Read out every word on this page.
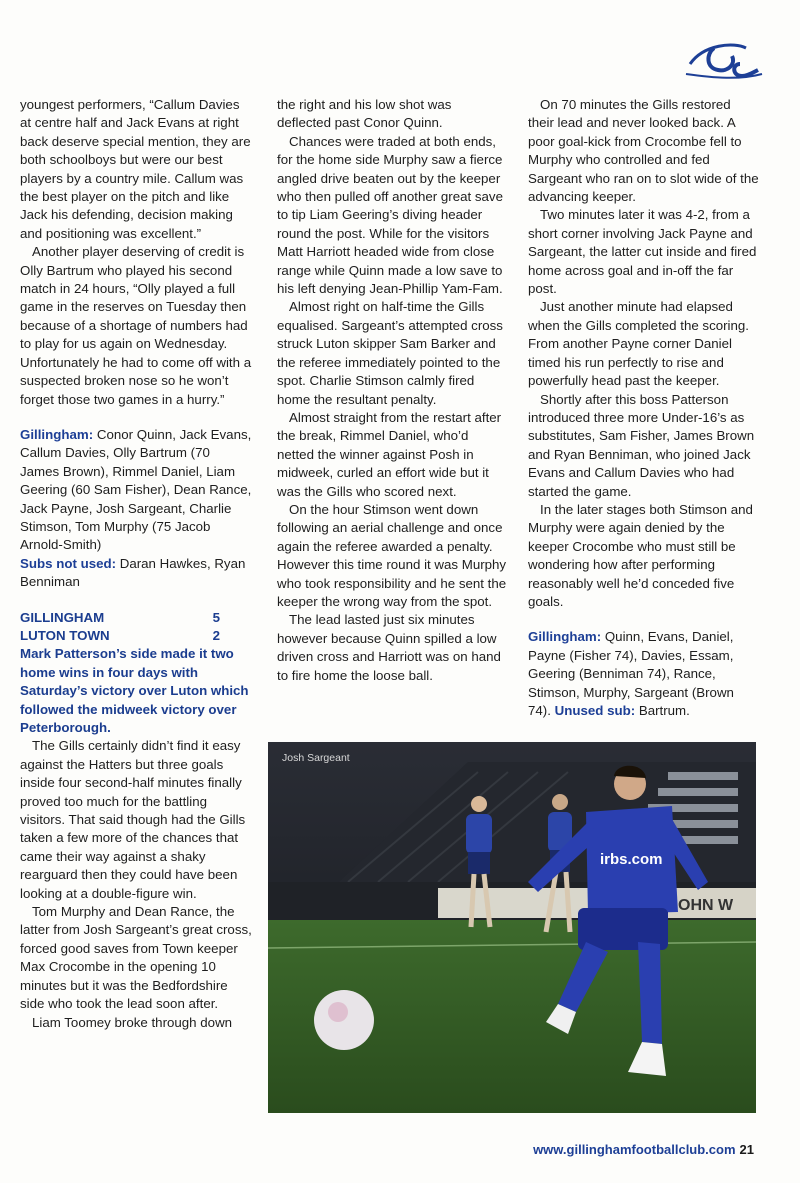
youngest performers, “Callum Davies at centre half and Jack Evans at right back deserve special mention, they are both schoolboys but were our best players by a country mile. Callum was the best player on the pitch and like Jack his defending, decision making and positioning was excellent.”

Another player deserving of credit is Olly Bartrum who played his second match in 24 hours, “Olly played a full game in the reserves on Tuesday then because of a shortage of numbers had to play for us again on Wednesday. Unfortunately he had to come off with a suspected broken nose so he won’t forget those two games in a hurry.”

Gillingham: Conor Quinn, Jack Evans, Callum Davies, Olly Bartrum (70 James Brown), Rimmel Daniel, Liam Geering (60 Sam Fisher), Dean Rance, Jack Payne, Josh Sargeant, Charlie Stimson, Tom Murphy (75 Jacob Arnold-Smith)

Subs not used: Daran Hawkes, Ryan Benniman

GILLINGHAM	5
LUTON TOWN	2

Mark Patterson’s side made it two home wins in four days with Saturday’s victory over Luton which followed the midweek victory over Peterborough.

The Gills certainly didn’t find it easy against the Hatters but three goals inside four second-half minutes finally proved too much for the battling visitors. That said though had the Gills taken a few more of the chances that came their way against a shaky rearguard then they could have been looking at a double-figure win.

Tom Murphy and Dean Rance, the latter from Josh Sargeant’s great cross, forced good saves from Town keeper Max Crocombe in the opening 10 minutes but it was the Bedfordshire side who took the lead soon after.

Liam Toomey broke through down

the right and his low shot was deflected past Conor Quinn.

Chances were traded at both ends, for the home side Murphy saw a fierce angled drive beaten out by the keeper who then pulled off another great save to tip Liam Geering’s diving header round the post. While for the visitors Matt Harriott headed wide from close range while Quinn made a low save to his left denying Jean-Phillip Yam-Fam.

Almost right on half-time the Gills equalised. Sargeant’s attempted cross struck Luton skipper Sam Barker and the referee immediately pointed to the spot. Charlie Stimson calmly fired home the resultant penalty.

Almost straight from the restart after the break, Rimmel Daniel, who’d netted the winner against Posh in midweek, curled an effort wide but it was the Gills who scored next.

On the hour Stimson went down following an aerial challenge and once again the referee awarded a penalty. However this time round it was Murphy who took responsibility and he sent the keeper the wrong way from the spot.

The lead lasted just six minutes however because Quinn spilled a low driven cross and Harriott was on hand to fire home the loose ball.

On 70 minutes the Gills restored their lead and never looked back. A poor goal-kick from Crocombe fell to Murphy who controlled and fed Sargeant who ran on to slot wide of the advancing keeper.

Two minutes later it was 4-2, from a short corner involving Jack Payne and Sargeant, the latter cut inside and fired home across goal and in-off the far post.

Just another minute had elapsed when the Gills completed the scoring. From another Payne corner Daniel timed his run perfectly to rise and powerfully head past the keeper.

Shortly after this boss Patterson introduced three more Under-16’s as substitutes, Sam Fisher, James Brown and Ryan Benniman, who joined Jack Evans and Callum Davies who had started the game.

In the later stages both Stimson and Murphy were again denied by the keeper Crocombe who must still be wondering how after performing reasonably well he’d conceded five goals.

Gillingham: Quinn, Evans, Daniel, Payne (Fisher 74), Davies, Essam, Geering (Benniman 74), Rance, Stimson, Murphy, Sargeant (Brown 74). Unused sub: Bartrum.

OHN W
irbs.com
Josh Sargeant
www.gillinghamfootballclub.com 21
